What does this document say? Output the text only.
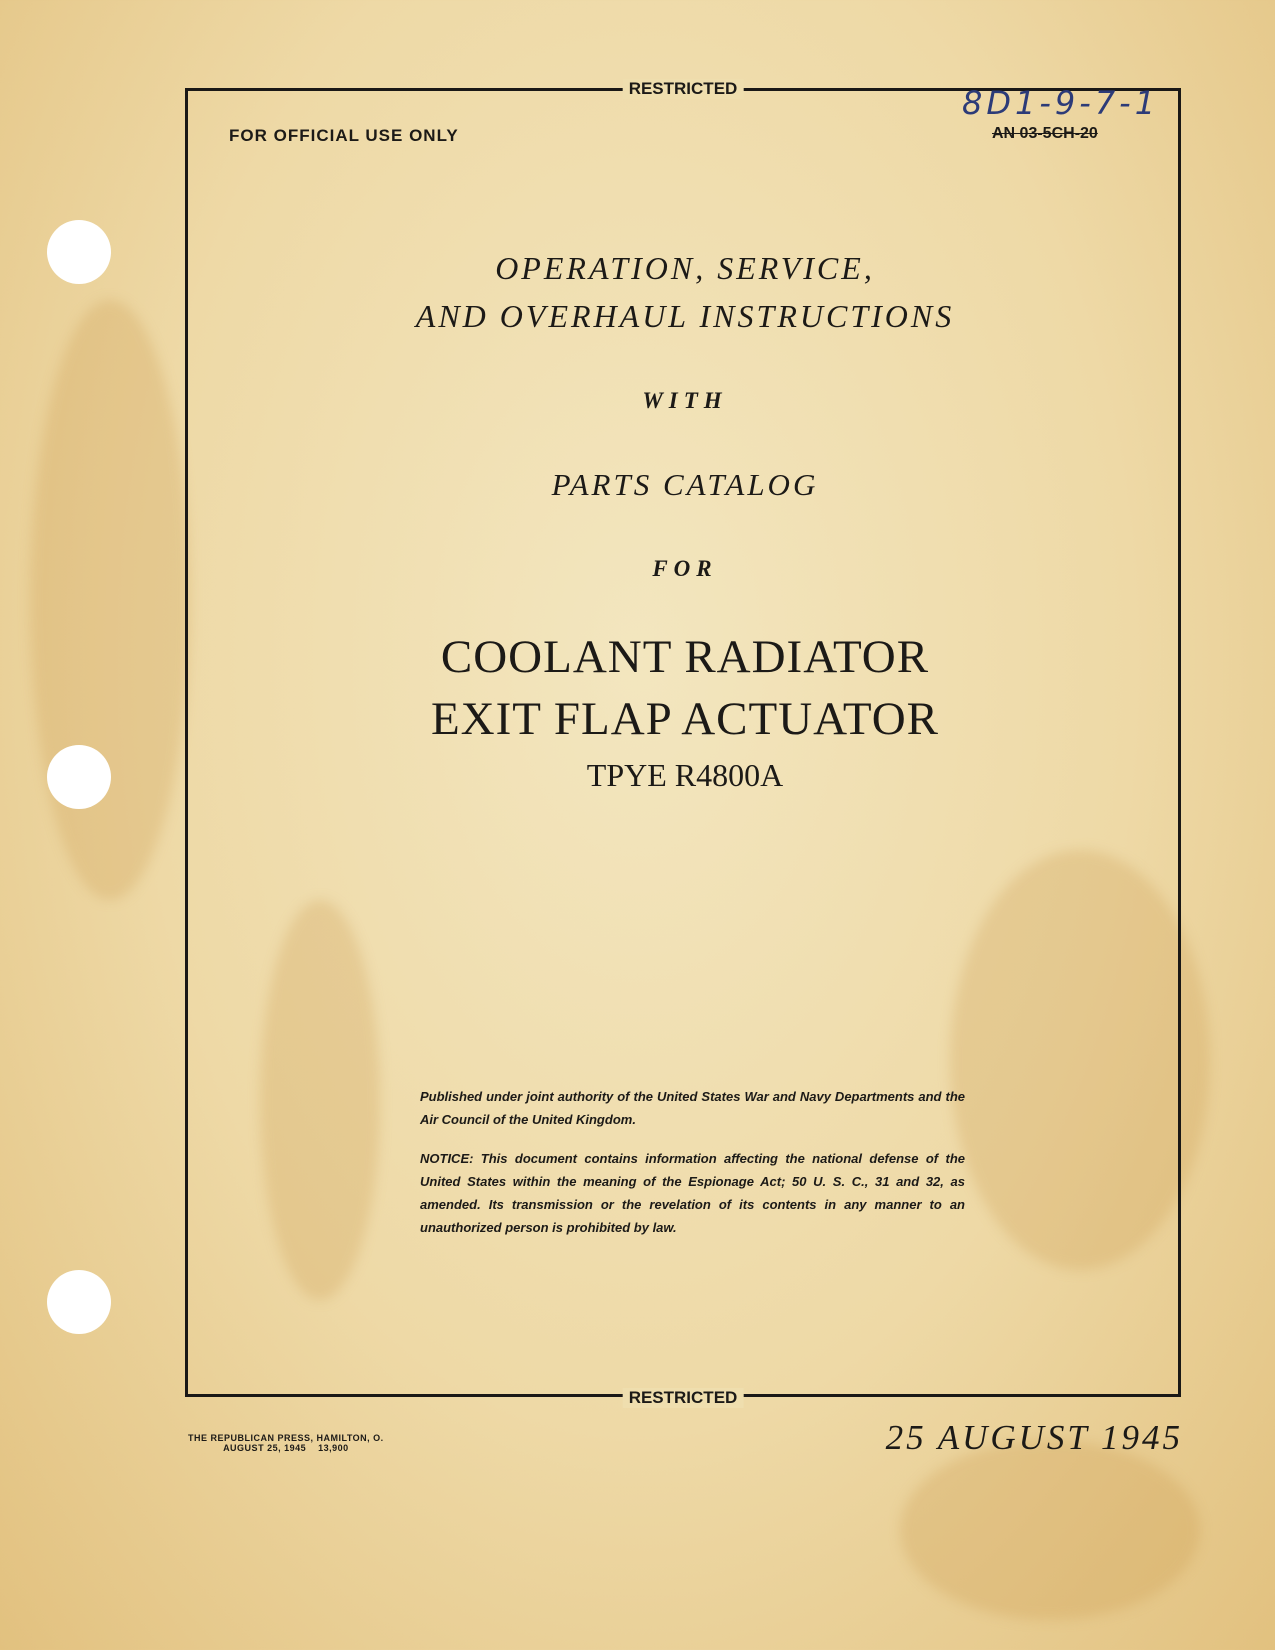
RESTRICTED
FOR OFFICIAL USE ONLY
8D1-9-7-1
AN 03-5CH-20
OPERATION, SERVICE,
AND OVERHAUL INSTRUCTIONS
WITH
PARTS CATALOG
FOR
COOLANT RADIATOR
EXIT FLAP ACTUATOR
TPYE R4800A

Published under joint authority of the United States War and Navy Departments and the Air Council of the United Kingdom.

NOTICE: This document contains information affecting the national defense of the United States within the meaning of the Espionage Act; 50 U. S. C., 31 and 32, as amended. Its transmission or the revelation of its contents in any manner to an unauthorized person is prohibited by law.

RESTRICTED
THE REPUBLICAN PRESS, HAMILTON, O.
AUGUST 25, 1945    13,900	25 AUGUST 1945
